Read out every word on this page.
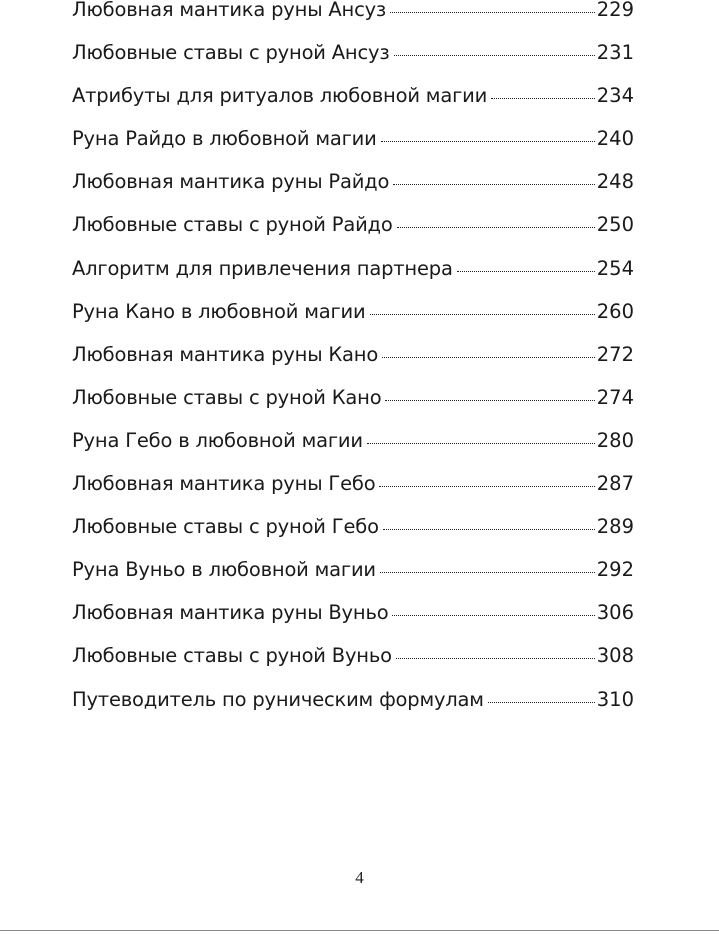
Любовная мантика руны Ансуз	229
Любовные ставы с руной Ансуз	231
Атрибуты для ритуалов любовной магии	234
Руна Райдо в любовной магии	240
Любовная мантика руны Райдо	248
Любовные ставы с руной Райдо	250
Алгоритм для привлечения партнера	254
Руна Кано в любовной магии	260
Любовная мантика руны Кано	272
Любовные ставы с руной Кано	274
Руна Гебо в любовной магии	280
Любовная мантика руны Гебо	287
Любовные ставы с руной Гебо	289
Руна Вуньо в любовной магии	292
Любовная мантика руны Вуньо	306
Любовные ставы с руной Вуньо	308
Путеводитель по руническим формулам	310
4
